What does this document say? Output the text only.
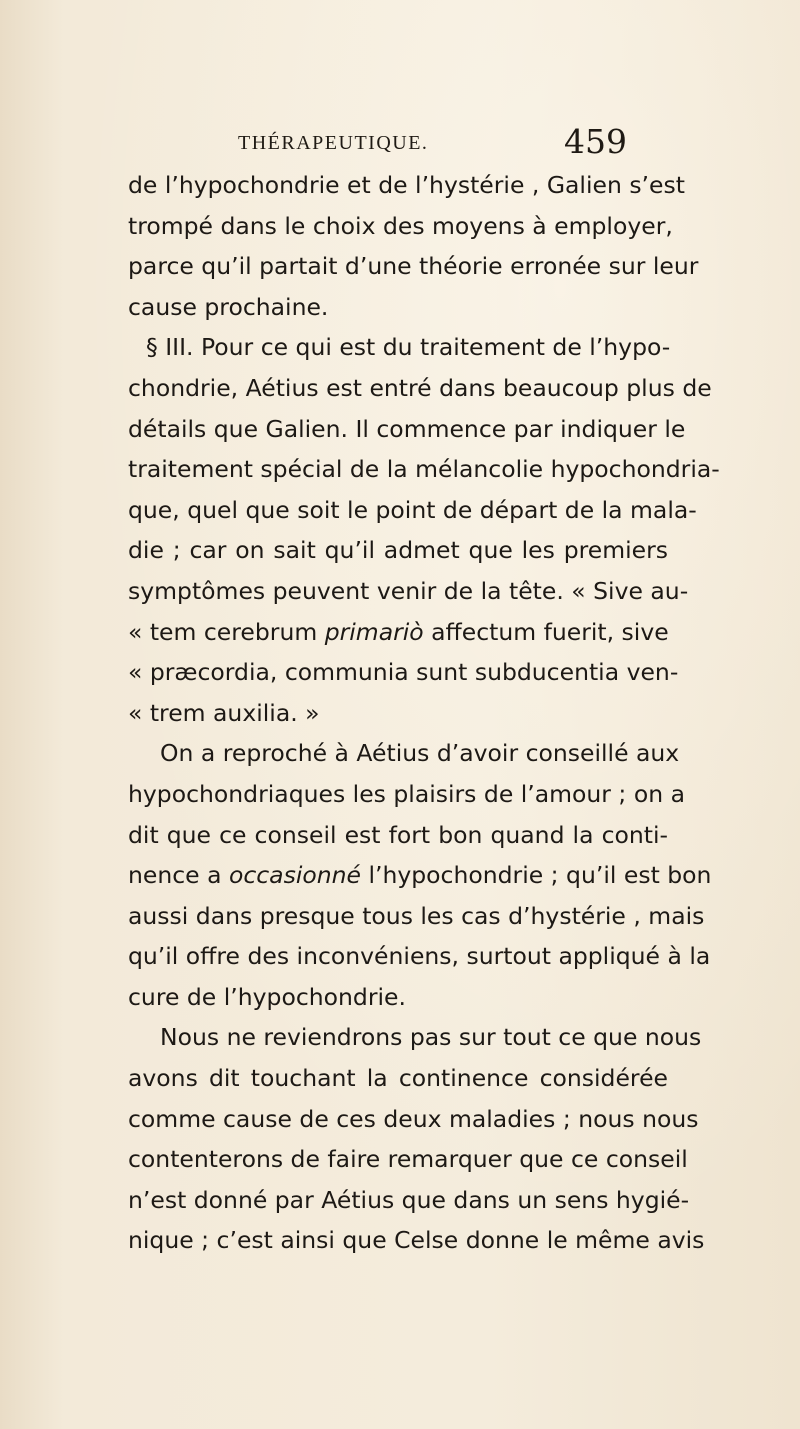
THÉRAPEUTIQUE.	459
de l’hypochondrie et de l’hystérie , Galien s’est
trompé dans le choix des moyens à employer,
parce qu’il partait d’une théorie erronée sur leur
cause prochaine.
§ III. Pour ce qui est du traitement de l’hypo-
chondrie, Aétius est entré dans beaucoup plus de
détails que Galien. Il commence par indiquer le
traitement spécial de la mélancolie hypochondria-
que, quel que soit le point de départ de la mala-
die ; car on sait qu’il admet que les premiers
symptômes peuvent venir de la tête. « Sive au-
« tem cerebrum primariò affectum fuerit, sive
« præcordia, communia sunt subducentia ven-
« trem auxilia. »
On a reproché à Aétius d’avoir conseillé aux
hypochondriaques les plaisirs de l’amour ; on a
dit que ce conseil est fort bon quand la conti-
nence a occasionné l’hypochondrie ; qu’il est bon
aussi dans presque tous les cas d’hystérie , mais
qu’il offre des inconvéniens, surtout appliqué à la
cure de l’hypochondrie.
Nous ne reviendrons pas sur tout ce que nous
avons dit touchant la continence considérée
comme cause de ces deux maladies ; nous nous
contenterons de faire remarquer que ce conseil
n’est donné par Aétius que dans un sens hygié-
nique ; c’est ainsi que Celse donne le même avis
